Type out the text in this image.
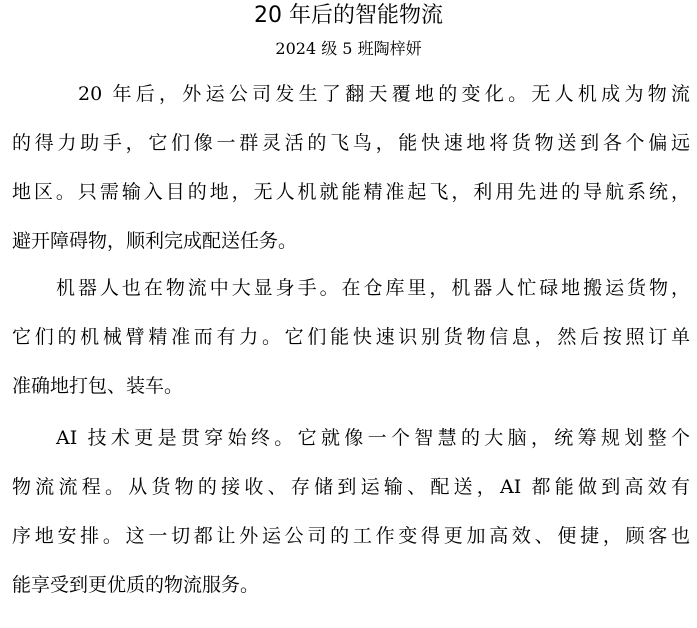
20 年后的智能物流
2024 级 5 班陶梓妍
20 年后，外运公司发生了翻天覆地的变化。无人机成为物流
的得力助手，它们像一群灵活的飞鸟，能快速地将货物送到各个偏远
地区。只需输入目的地，无人机就能精准起飞，利用先进的导航系统，
避开障碍物，顺利完成配送任务。
机器人也在物流中大显身手。在仓库里，机器人忙碌地搬运货物，
它们的机械臂精准而有力。它们能快速识别货物信息，然后按照订单
准确地打包、装车。
AI 技术更是贯穿始终。它就像一个智慧的大脑，统筹规划整个
物流流程。从货物的接收、存储到运输、配送，AI 都能做到高效有
序地安排。这一切都让外运公司的工作变得更加高效、便捷，顾客也
能享受到更优质的物流服务。
